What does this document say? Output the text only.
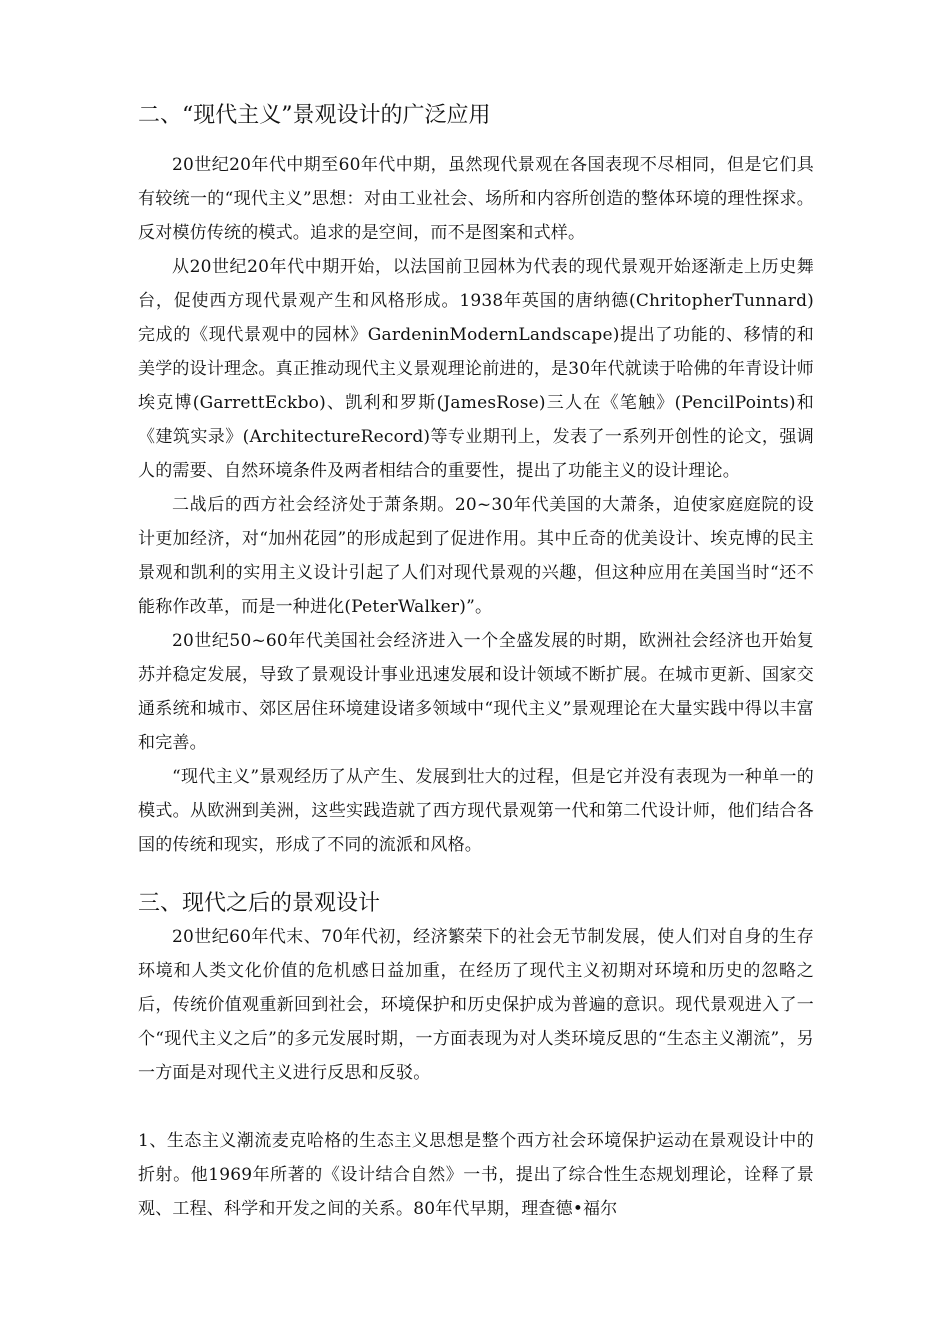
二、“现代主义”景观设计的广泛应用

20世纪20年代中期至60年代中期，虽然现代景观在各国表现不尽相同，但是它们具有较统一的“现代主义”思想：对由工业社会、场所和内容所创造的整体环境的理性探求。反对模仿传统的模式。追求的是空间，而不是图案和式样。

从20世纪20年代中期开始，以法国前卫园林为代表的现代景观开始逐渐走上历史舞台，促使西方现代景观产生和风格形成。1938年英国的唐纳德(ChritopherTunnard)完成的《现代景观中的园林》GardeninModernLandscape)提出了功能的、移情的和美学的设计理念。真正推动现代主义景观理论前进的，是30年代就读于哈佛的年青设计师埃克博(GarrettEckbo)、凯利和罗斯(JamesRose)三人在《笔触》(PencilPoints)和《建筑实录》(ArchitectureRecord)等专业期刊上，发表了一系列开创性的论文，强调人的需要、自然环境条件及两者相结合的重要性，提出了功能主义的设计理论。

二战后的西方社会经济处于萧条期。20~30年代美国的大萧条，迫使家庭庭院的设计更加经济，对“加州花园”的形成起到了促进作用。其中丘奇的优美设计、埃克博的民主景观和凯利的实用主义设计引起了人们对现代景观的兴趣，但这种应用在美国当时“还不能称作改革，而是一种进化(PeterWalker)”。

20世纪50~60年代美国社会经济进入一个全盛发展的时期，欧洲社会经济也开始复苏并稳定发展，导致了景观设计事业迅速发展和设计领域不断扩展。在城市更新、国家交通系统和城市、郊区居住环境建设诸多领域中“现代主义”景观理论在大量实践中得以丰富和完善。

“现代主义”景观经历了从产生、发展到壮大的过程，但是它并没有表现为一种单一的模式。从欧洲到美洲，这些实践造就了西方现代景观第一代和第二代设计师，他们结合各国的传统和现实，形成了不同的流派和风格。

三、现代之后的景观设计

20世纪60年代末、70年代初，经济繁荣下的社会无节制发展，使人们对自身的生存环境和人类文化价值的危机感日益加重，在经历了现代主义初期对环境和历史的忽略之后，传统价值观重新回到社会，环境保护和历史保护成为普遍的意识。现代景观进入了一个“现代主义之后”的多元发展时期，一方面表现为对人类环境反思的“生态主义潮流”，另一方面是对现代主义进行反思和反驳。

1、生态主义潮流麦克哈格的生态主义思想是整个西方社会环境保护运动在景观设计中的折射。他1969年所著的《设计结合自然》一书，提出了综合性生态规划理论，诠释了景观、工程、科学和开发之间的关系。80年代早期，理查德•福尔
